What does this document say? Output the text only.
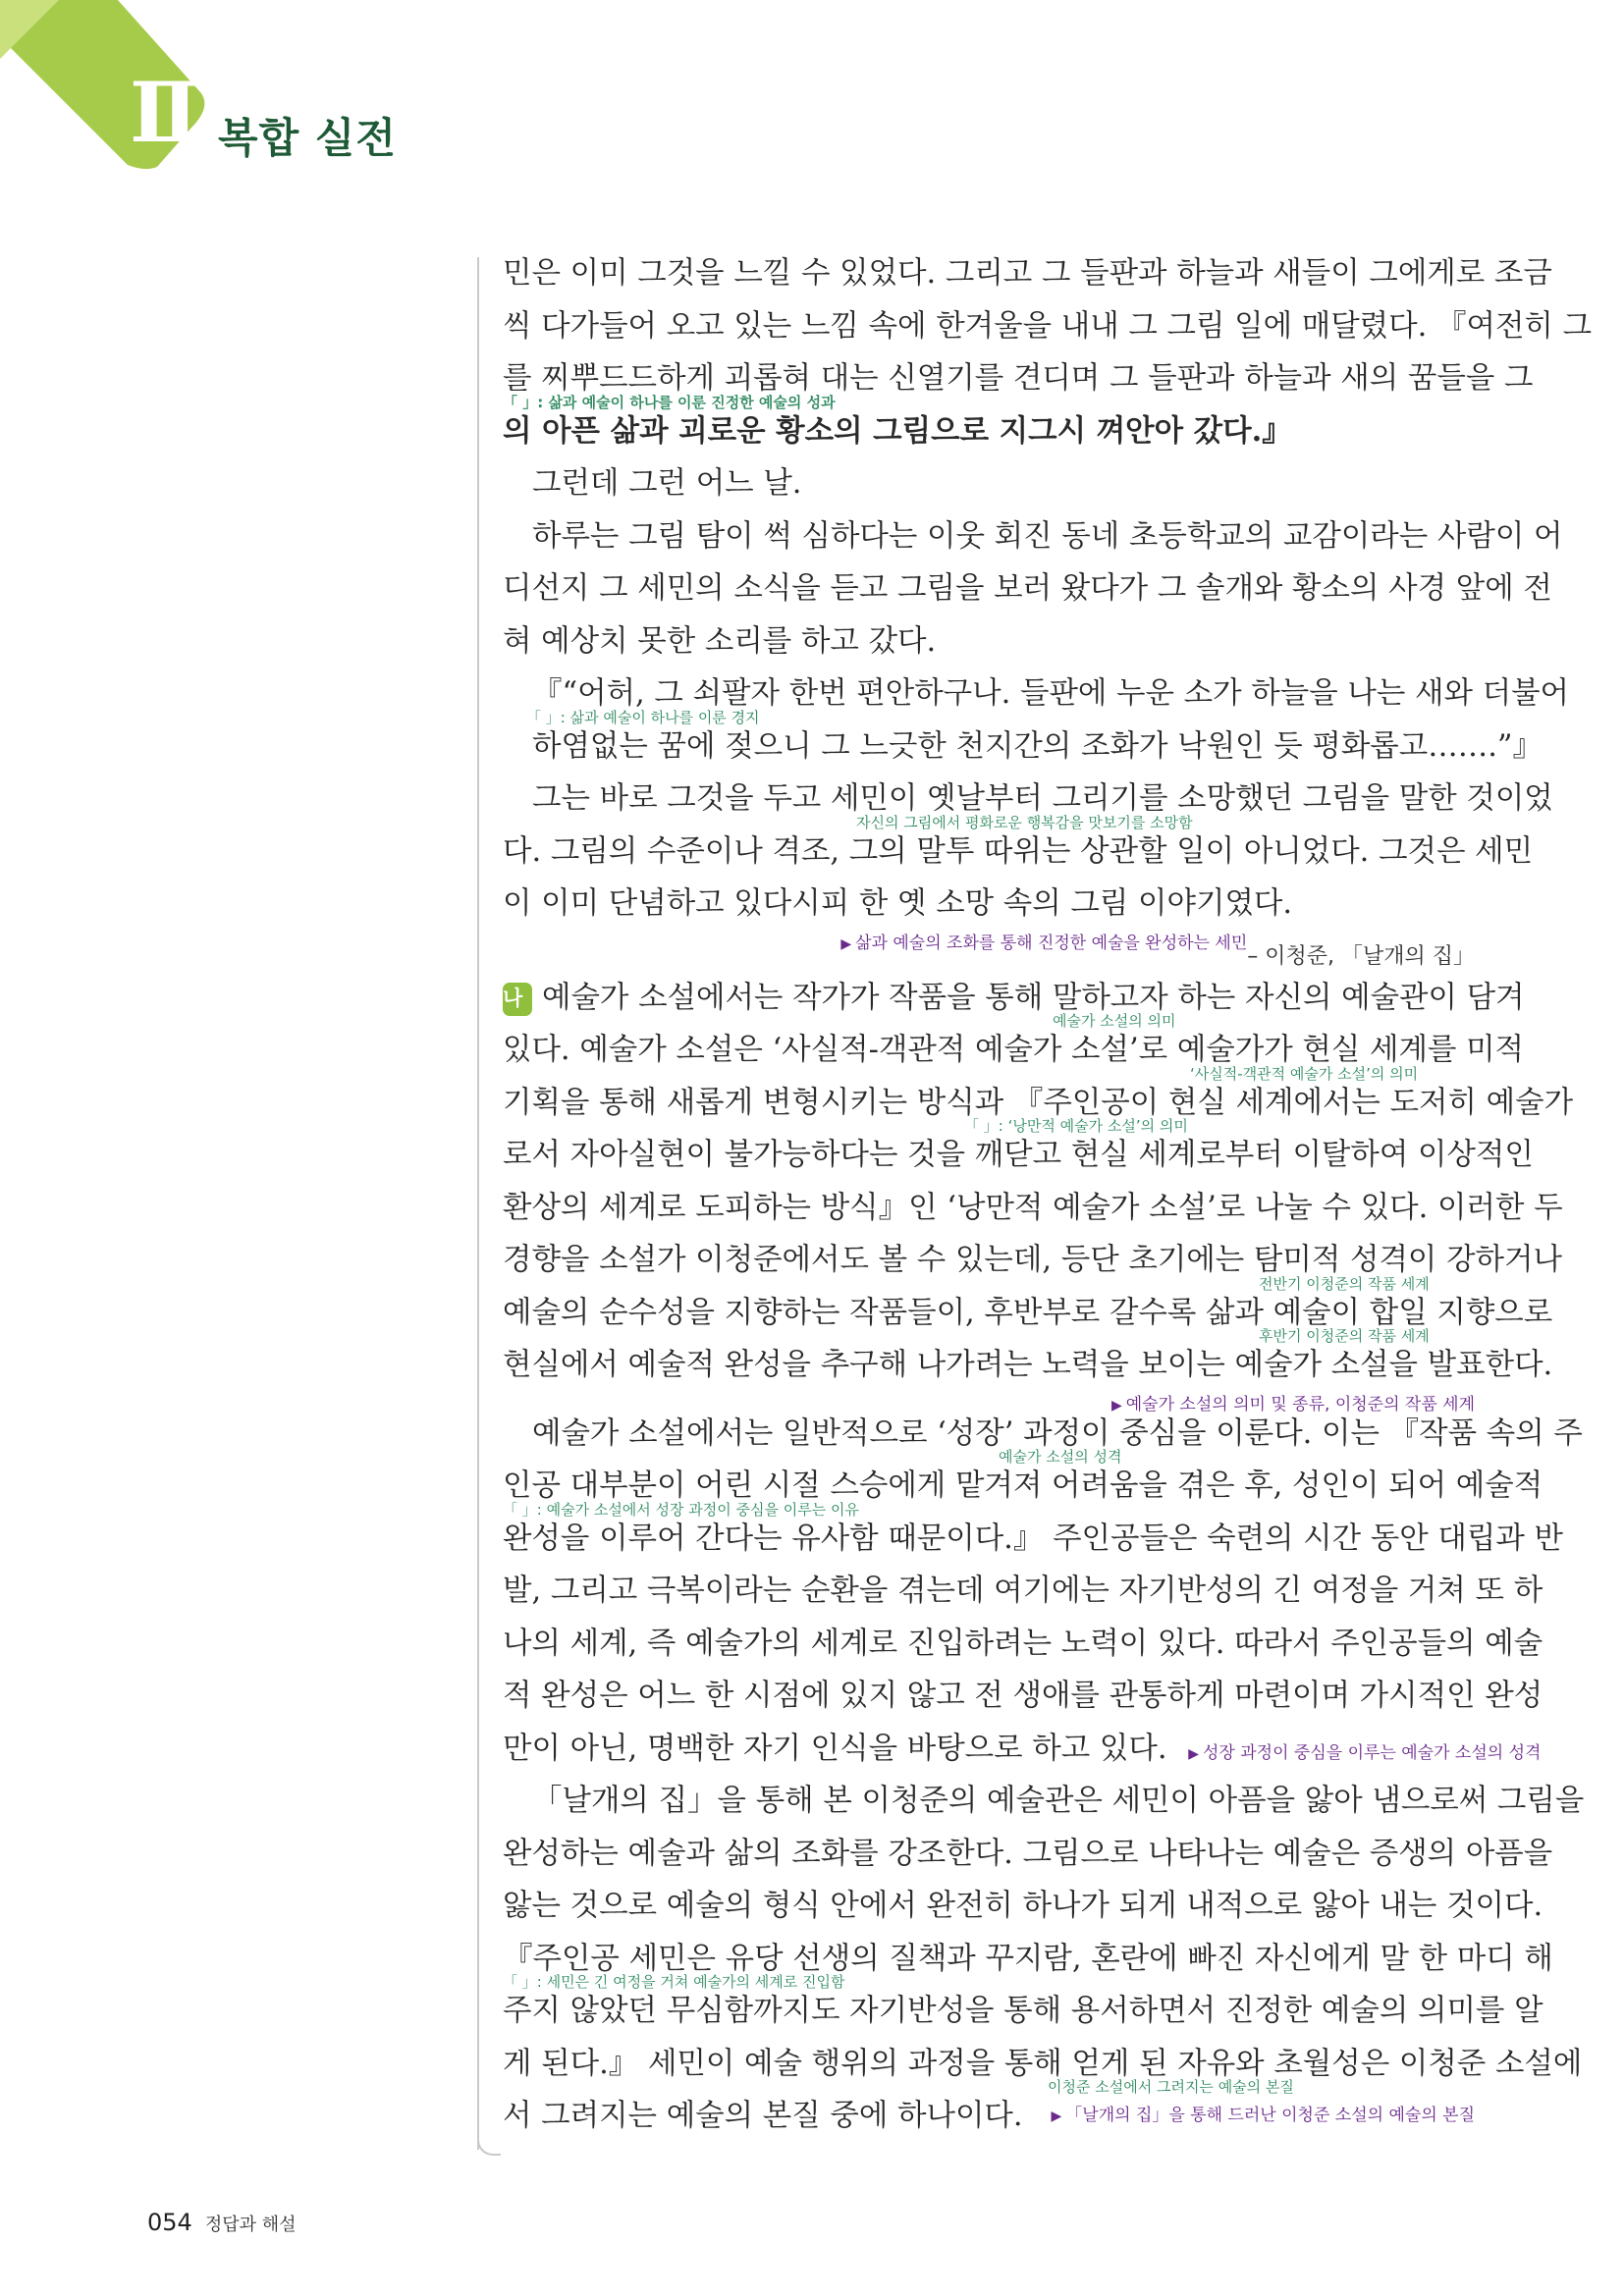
Ⅱ 복합 실전
민은 이미 그것을 느낄 수 있었다. 그리고 그 들판과 하늘과 새들이 그에게로 조금
씩 다가들어 오고 있는 느낌 속에 한겨울을 내내 그 그림 일에 매달렸다. 『여전히 그
를 찌뿌드드하게 괴롭혀 대는 신열기를 견디며 그 들판과 하늘과 새의 꿈들을 그
「 」: 삶과 예술이 하나를 이룬 진정한 예술의 성과
의 아픈 삶과 괴로운 황소의 그림으로 지그시 껴안아 갔다.』
그런데 그런 어느 날.
하루는 그림 탐이 썩 심하다는 이웃 회진 동네 초등학교의 교감이라는 사람이 어
디선지 그 세민의 소식을 듣고 그림을 보러 왔다가 그 솔개와 황소의 사경 앞에 전
혀 예상치 못한 소리를 하고 갔다.
『“어허, 그 쇠팔자 한번 편안하구나. 들판에 누운 소가 하늘을 나는 새와 더불어
「 」: 삶과 예술이 하나를 이룬 경지
하염없는 꿈에 젖으니 그 느긋한 천지간의 조화가 낙원인 듯 평화롭고…….”』
그는 바로 그것을 두고 세민이 옛날부터 그리기를 소망했던 그림을 말한 것이었
자신의 그림에서 평화로운 행복감을 맛보기를 소망함
다. 그림의 수준이나 격조, 그의 말투 따위는 상관할 일이 아니었다. 그것은 세민
이 이미 단념하고 있다시피 한 옛 소망 속의 그림 이야기였다.
– 이청준, 「날개의 집」
▶ 삶과 예술의 조화를 통해 진정한 예술을 완성하는 세민
나 예술가 소설에서는 작가가 작품을 통해 말하고자 하는 자신의 예술관이 담겨
예술가 소설의 의미
있다. 예술가 소설은 ‘사실적-객관적 예술가 소설’로 예술가가 현실 세계를 미적
‘사실적-객관적 예술가 소설’의 의미
기획을 통해 새롭게 변형시키는 방식과 『주인공이 현실 세계에서는 도저히 예술가
「 」: ‘낭만적 예술가 소설’의 의미
로서 자아실현이 불가능하다는 것을 깨닫고 현실 세계로부터 이탈하여 이상적인
환상의 세계로 도피하는 방식』인 ‘낭만적 예술가 소설’로 나눌 수 있다. 이러한 두
경향을 소설가 이청준에서도 볼 수 있는데, 등단 초기에는 탐미적 성격이 강하거나
전반기 이청준의 작품 세계
예술의 순수성을 지향하는 작품들이, 후반부로 갈수록 삶과 예술이 합일 지향으로
후반기 이청준의 작품 세계
현실에서 예술적 완성을 추구해 나가려는 노력을 보이는 예술가 소설을 발표한다.
▶ 예술가 소설의 의미 및 종류, 이청준의 작품 세계
예술가 소설에서는 일반적으로 ‘성장’ 과정이 중심을 이룬다. 이는 『작품 속의 주
예술가 소설의 성격
인공 대부분이 어린 시절 스승에게 맡겨져 어려움을 겪은 후, 성인이 되어 예술적
「 」: 예술가 소설에서 성장 과정이 중심을 이루는 이유
완성을 이루어 간다는 유사함 때문이다.』 주인공들은 숙련의 시간 동안 대립과 반
발, 그리고 극복이라는 순환을 겪는데 여기에는 자기반성의 긴 여정을 거쳐 또 하
나의 세계, 즉 예술가의 세계로 진입하려는 노력이 있다. 따라서 주인공들의 예술
적 완성은 어느 한 시점에 있지 않고 전 생애를 관통하게 마련이며 가시적인 완성
만이 아닌, 명백한 자기 인식을 바탕으로 하고 있다. ▶ 성장 과정이 중심을 이루는 예술가 소설의 성격
「날개의 집」을 통해 본 이청준의 예술관은 세민이 아픔을 앓아 냄으로써 그림을
완성하는 예술과 삶의 조화를 강조한다. 그림으로 나타나는 예술은 증생의 아픔을
앓는 것으로 예술의 형식 안에서 완전히 하나가 되게 내적으로 앓아 내는 것이다.
『주인공 세민은 유당 선생의 질책과 꾸지람, 혼란에 빠진 자신에게 말 한 마디 해
「 」: 세민은 긴 여정을 거쳐 예술가의 세계로 진입함
주지 않았던 무심함까지도 자기반성을 통해 용서하면서 진정한 예술의 의미를 알
게 된다.』 세민이 예술 행위의 과정을 통해 얻게 된 자유와 초월성은 이청준 소설에
이청준 소설에서 그려지는 예술의 본질
서 그려지는 예술의 본질 중에 하나이다. ▶ 「날개의 집」을 통해 드러난 이청준 소설의 예술의 본질
054 정답과 해설
